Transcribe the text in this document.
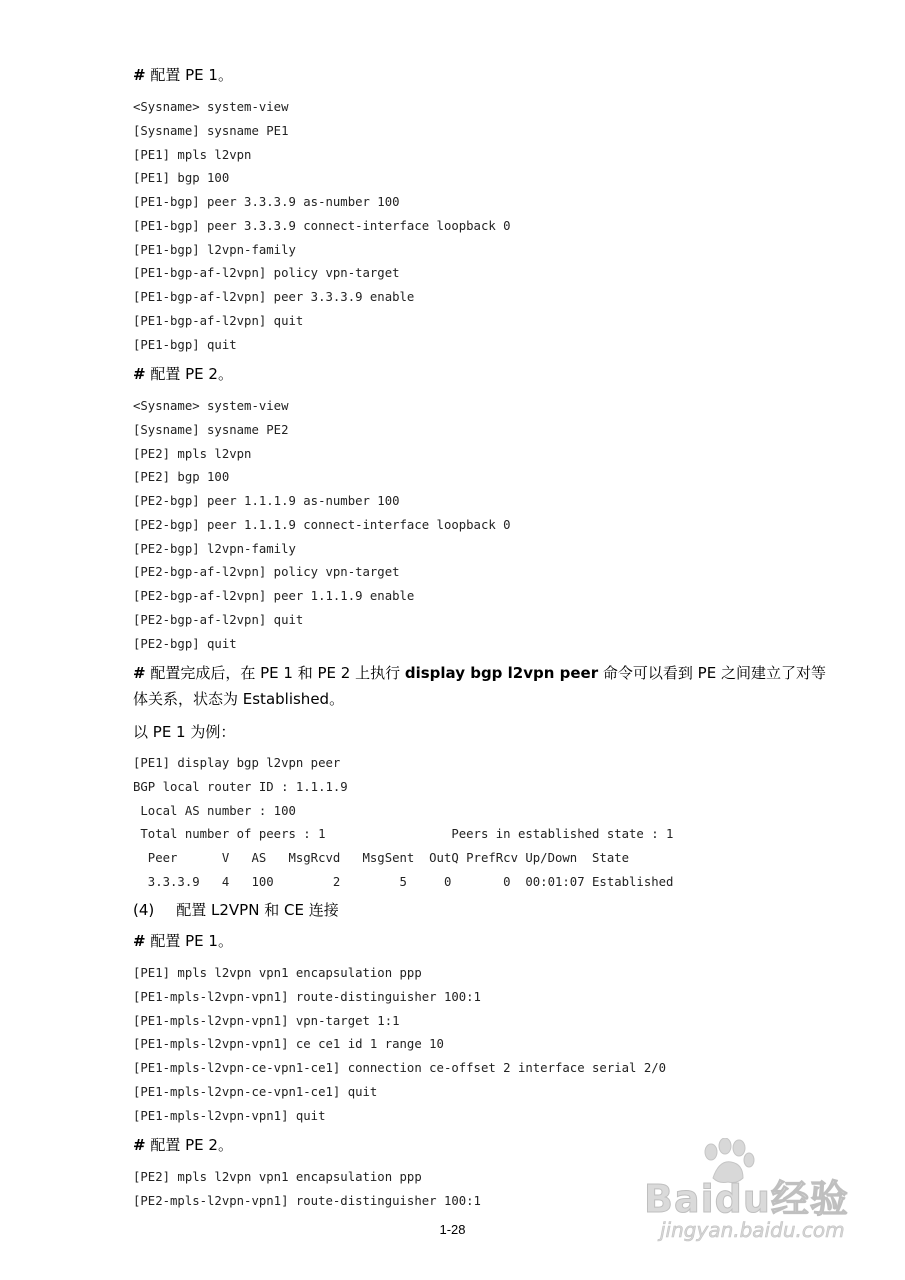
# 配置 PE 1。
<Sysname> system-view
[Sysname] sysname PE1
[PE1] mpls l2vpn
[PE1] bgp 100
[PE1-bgp] peer 3.3.3.9 as-number 100
[PE1-bgp] peer 3.3.3.9 connect-interface loopback 0
[PE1-bgp] l2vpn-family
[PE1-bgp-af-l2vpn] policy vpn-target
[PE1-bgp-af-l2vpn] peer 3.3.3.9 enable
[PE1-bgp-af-l2vpn] quit
[PE1-bgp] quit
# 配置 PE 2。
<Sysname> system-view
[Sysname] sysname PE2
[PE2] mpls l2vpn
[PE2] bgp 100
[PE2-bgp] peer 1.1.1.9 as-number 100
[PE2-bgp] peer 1.1.1.9 connect-interface loopback 0
[PE2-bgp] l2vpn-family
[PE2-bgp-af-l2vpn] policy vpn-target
[PE2-bgp-af-l2vpn] peer 1.1.1.9 enable
[PE2-bgp-af-l2vpn] quit
[PE2-bgp] quit
# 配置完成后，在 PE 1 和 PE 2 上执行 display bgp l2vpn peer 命令可以看到 PE 之间建立了对等
体关系，状态为 Established。
以 PE 1 为例：
[PE1] display bgp l2vpn peer
BGP local router ID : 1.1.1.9
Local AS number : 100
Total number of peers : 1                 Peers in established state : 1
Peer      V   AS   MsgRcvd   MsgSent  OutQ PrefRcv Up/Down  State
3.3.3.9   4   100        2        5     0       0  00:01:07 Established
(4) 配置 L2VPN 和 CE 连接
# 配置 PE 1。
[PE1] mpls l2vpn vpn1 encapsulation ppp
[PE1-mpls-l2vpn-vpn1] route-distinguisher 100:1
[PE1-mpls-l2vpn-vpn1] vpn-target 1:1
[PE1-mpls-l2vpn-vpn1] ce ce1 id 1 range 10
[PE1-mpls-l2vpn-ce-vpn1-ce1] connection ce-offset 2 interface serial 2/0
[PE1-mpls-l2vpn-ce-vpn1-ce1] quit
[PE1-mpls-l2vpn-vpn1] quit
# 配置 PE 2。
[PE2] mpls l2vpn vpn1 encapsulation ppp
[PE2-mpls-l2vpn-vpn1] route-distinguisher 100:1
1-28
Baidu经验
jingyan.baidu.com
